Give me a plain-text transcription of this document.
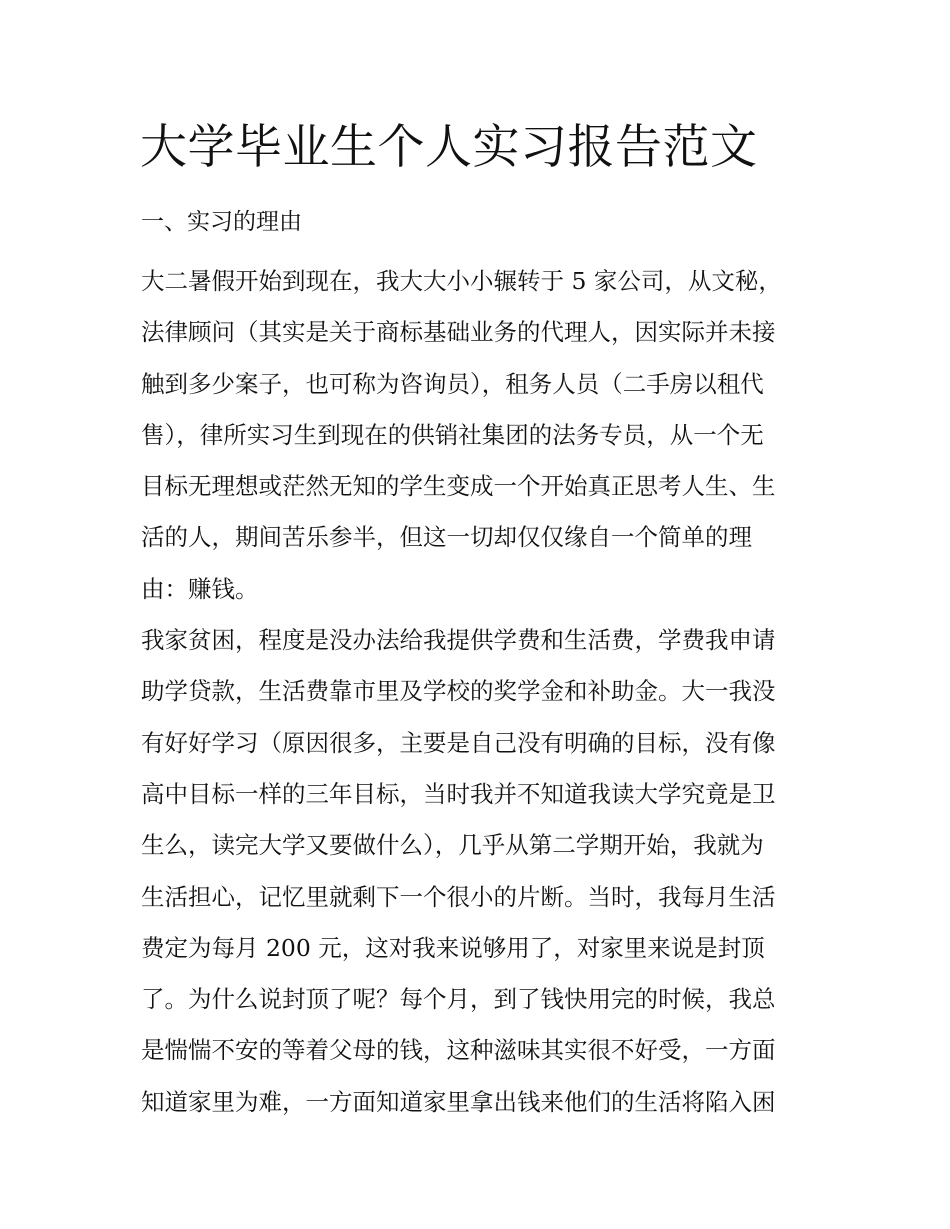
大学毕业生个人实习报告范文
一、实习的理由
大二暑假开始到现在，我大大小小辗转于 5 家公司，从文秘，
法律顾问（其实是关于商标基础业务的代理人，因实际并未接
触到多少案子，也可称为咨询员），租务人员（二手房以租代
售），律所实习生到现在的供销社集团的法务专员，从一个无
目标无理想或茫然无知的学生变成一个开始真正思考人生、生
活的人，期间苦乐参半，但这一切却仅仅缘自一个简单的理
由：赚钱。
我家贫困，程度是没办法给我提供学费和生活费，学费我申请
助学贷款，生活费靠市里及学校的奖学金和补助金。大一我没
有好好学习（原因很多，主要是自己没有明确的目标，没有像
高中目标一样的三年目标，当时我并不知道我读大学究竟是卫
生么，读完大学又要做什么），几乎从第二学期开始，我就为
生活担心，记忆里就剩下一个很小的片断。当时，我每月生活
费定为每月 200 元，这对我来说够用了，对家里来说是封顶
了。为什么说封顶了呢？每个月，到了钱快用完的时候，我总
是惴惴不安的等着父母的钱，这种滋味其实很不好受，一方面
知道家里为难，一方面知道家里拿出钱来他们的生活将陷入困
